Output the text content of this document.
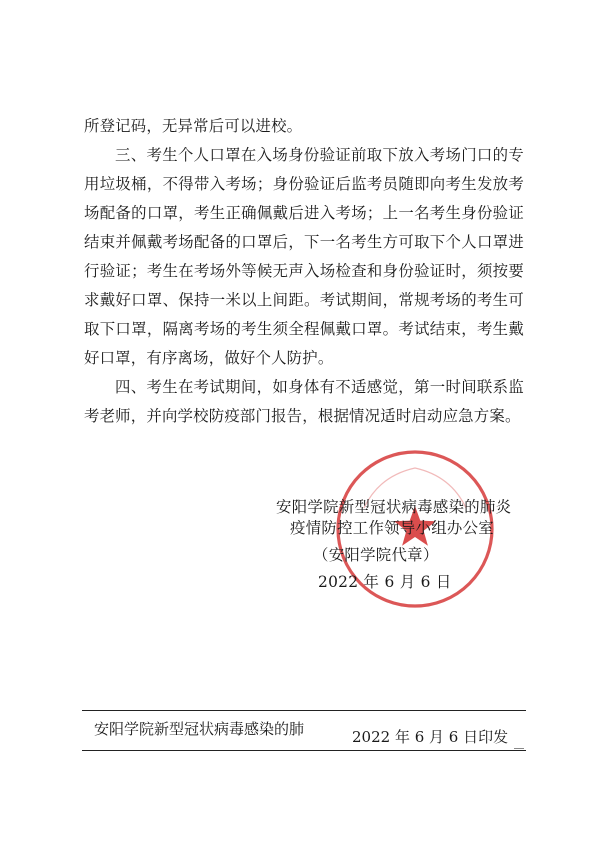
所登记码，无异常后可以进校。

三、考生个人口罩在入场身份验证前取下放入考场门口的专用垃圾桶，不得带入考场；身份验证后监考员随即向考生发放考场配备的口罩，考生正确佩戴后进入考场；上一名考生身份验证结束并佩戴考场配备的口罩后，下一名考生方可取下个人口罩进行验证；考生在考场外等候无声入场检查和身份验证时，须按要求戴好口罩、保持一米以上间距。考试期间，常规考场的考生可取下口罩，隔离考场的考生须全程佩戴口罩。考试结束，考生戴好口罩，有序离场，做好个人防护。

四、考生在考试期间，如身体有不适感觉，第一时间联系监考老师，并向学校防疫部门报告，根据情况适时启动应急方案。

安阳学院新型冠状病毒感染的肺炎
疫情防控工作领导小组办公室
（安阳学院代章）
2022 年 6 月 6 日
安阳学院新型冠状病毒感染的肺	2022 年 6 月 6 日印发
